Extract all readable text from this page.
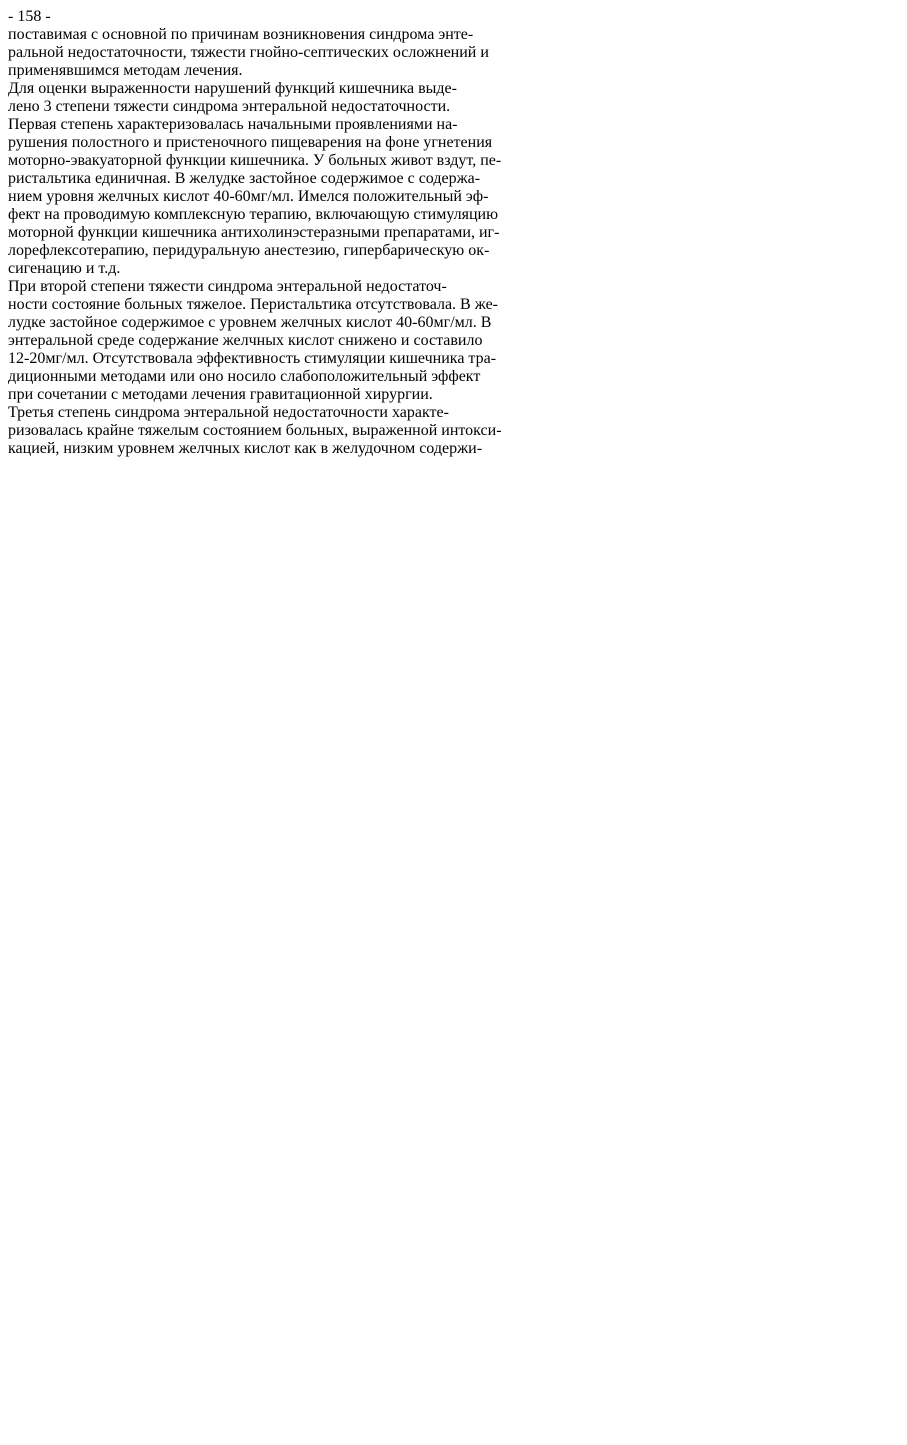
- 158 -
поставимая с основной по причинам возникновения синдрома энте-
ральной недостаточности, тяжести гнойно-септических осложнений и
применявшимся методам лечения.
Для оценки выраженности нарушений функций кишечника выде-
лено 3 степени тяжести синдрома энтеральной недостаточности.
Первая степень характеризовалась начальными проявлениями на-
рушения полостного и пристеночного пищеварения на фоне угнетения
моторно-эвакуаторной функции кишечника. У больных живот вздут, пе-
ристальтика единичная. В желудке застойное содержимое с содержа-
нием уровня желчных кислот 40-60мг/мл. Имелся положительный эф-
фект на проводимую комплексную терапию, включающую стимуляцию
моторной функции кишечника антихолинэстеразными препаратами, иг-
лорефлексотерапию, перидуральную анестезию, гипербарическую ок-
сигенацию и т.д.
При второй степени тяжести синдрома энтеральной недостаточ-
ности состояние больных тяжелое. Перистальтика отсутствовала. В же-
лудке застойное содержимое с уровнем желчных кислот 40-60мг/мл. В
энтеральной среде содержание желчных кислот снижено и составило
12-20мг/мл. Отсутствовала эффективность стимуляции кишечника тра-
диционными методами или оно носило слабоположительный эффект
при сочетании с методами лечения гравитационной хирургии.
Третья степень синдрома энтеральной недостаточности характе-
ризовалась крайне тяжелым состоянием больных, выраженной интокси-
кацией, низким уровнем желчных кислот как в желудочном содержи-
